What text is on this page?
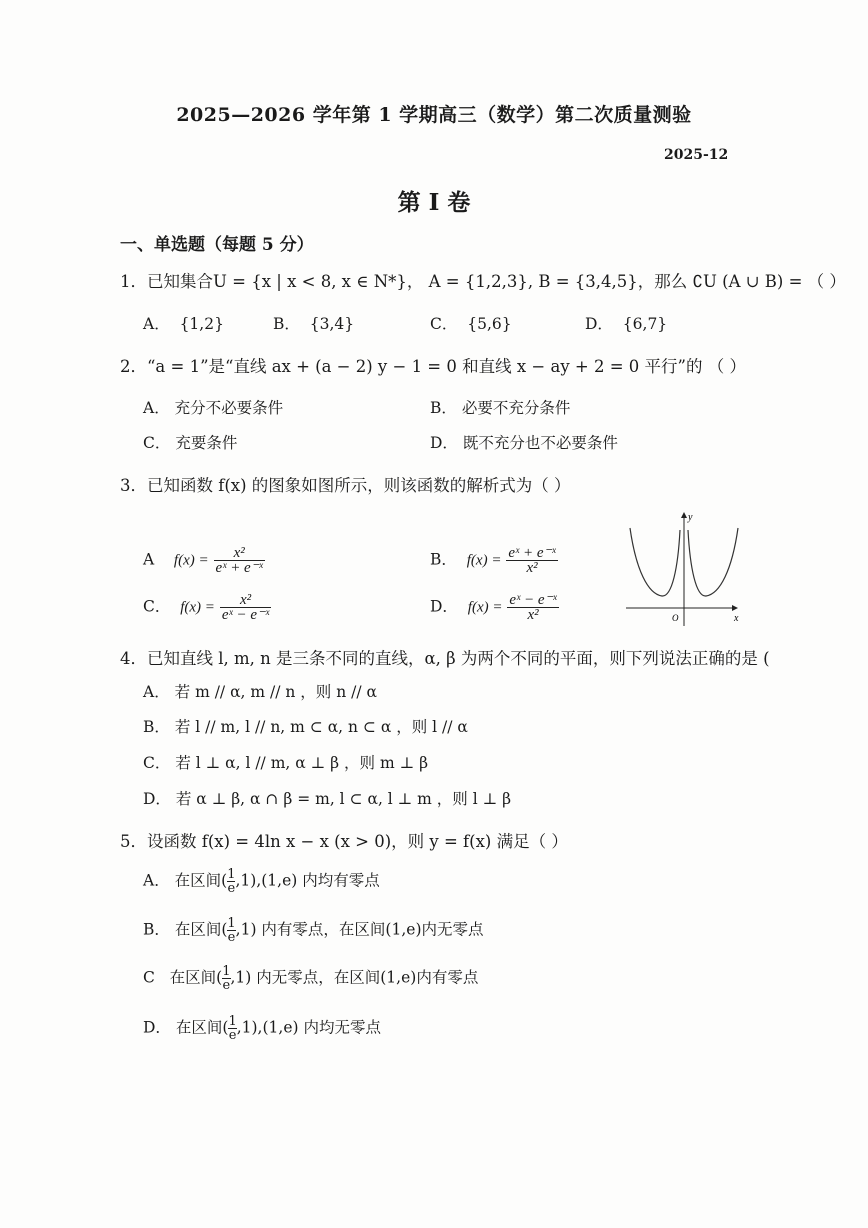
2025—2026 学年第 1 学期高三（数学）第二次质量测验
2025-12
第 I 卷
一、单选题（每题 5 分）
1．已知集合U = {x | x < 8, x ∈ N*}， A = {1,2,3}, B = {3,4,5}，那么 ∁U (A ∪ B) = （ ）
A． {1,2}	B． {3,4}	C． {5,6}	D． {6,7}
2．“a = 1”是“直线 ax + (a − 2) y − 1 = 0 和直线 x − ay + 2 = 0 平行”的 （ ）
A． 充分不必要条件	B． 必要不充分条件
C． 充要条件	D． 既不充分也不必要条件
3．已知函数 f(x) 的图象如图所示，则该函数的解析式为（ ）
A $f(x) = \frac{\text{x²}}{\text{eˣ + e⁻ˣ}}$	B． $f(x) = \frac{\text{eˣ + e⁻ˣ}}{\text{x²}}$
C． $f(x) = \frac{\text{x²}}{\text{eˣ − e⁻ˣ}}$	D． $f(x) = \frac{\text{eˣ − e⁻ˣ}}{\text{x²}}$	x
y
O
4．已知直线 l, m, n 是三条不同的直线，α, β 为两个不同的平面，则下列说法正确的是 (
A． 若 m // α, m // n ，则 n // α
B． 若 l // m, l // n, m ⊂ α, n ⊂ α ，则 l // α
C． 若 l ⊥ α, l // m, α ⊥ β ，则 m ⊥ β
D． 若 α ⊥ β, α ∩ β = m, l ⊂ α, l ⊥ m ，则 l ⊥ β
5．设函数 f(x) = 4ln x − x (x > 0)，则 y = f(x) 满足（ ）
A． 在区间( $\frac{1}{e} ,1),(1,e)$ 内均有零点
B． 在区间( $\frac{1}{e} ,1$) 内有零点，在区间(1,e)内无零点
C 在区间( $\frac{1}{e} ,1$) 内无零点，在区间(1,e)内有零点
D． 在区间( $\frac{1}{e} ,1),(1,e)$ 内均无零点
